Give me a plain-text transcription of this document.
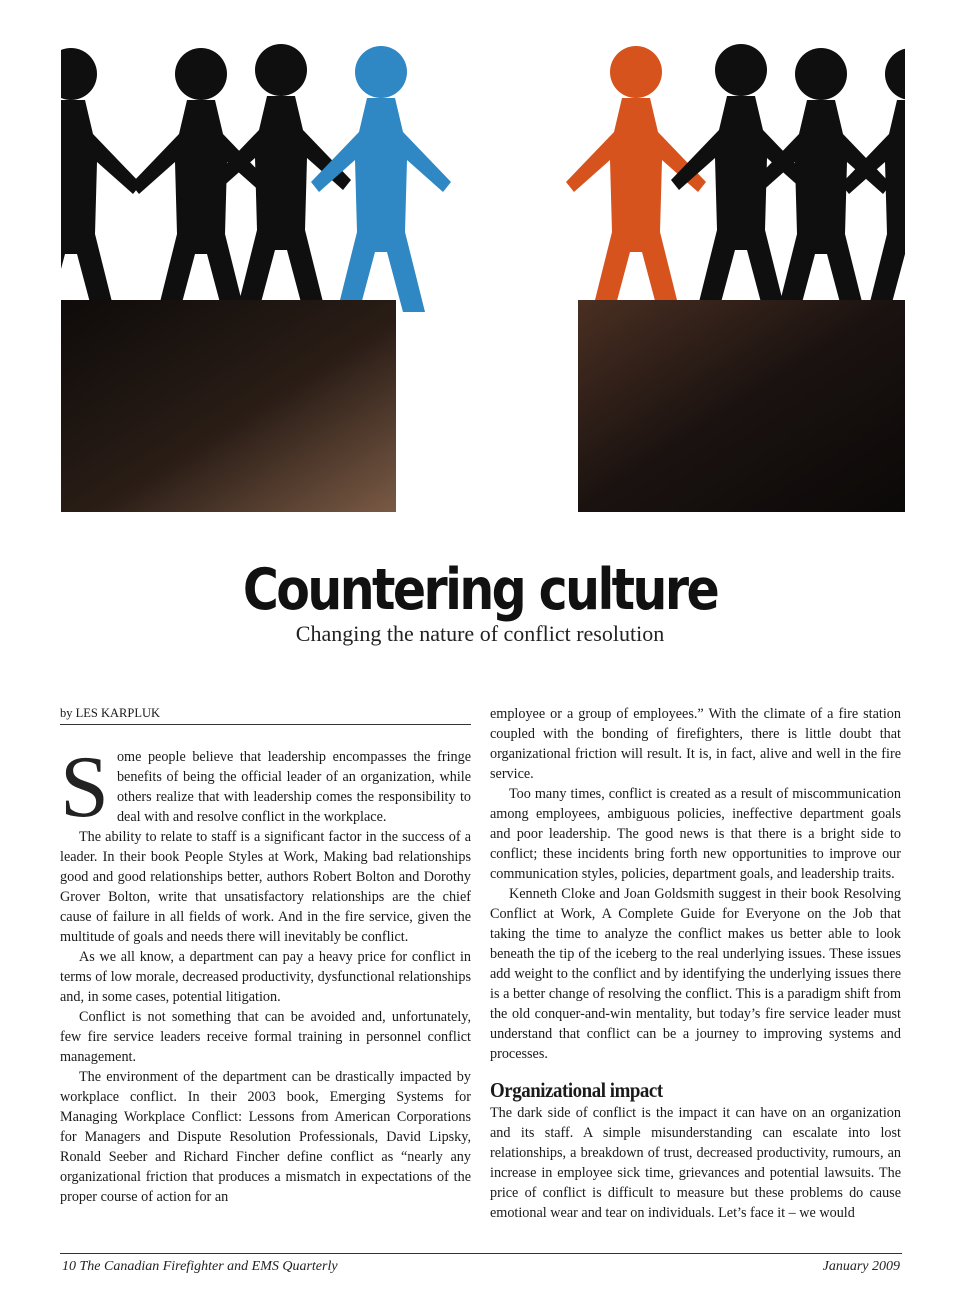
Countering culture
Changing the nature of conflict resolution
by LES KARPLUK

Some people believe that leadership encompasses the fringe benefits of being the official leader of an organization, while others realize that with leadership comes the responsibility to deal with and resolve conflict in the workplace.

The ability to relate to staff is a significant factor in the success of a leader. In their book People Styles at Work, Making bad relationships good and good relationships better, authors Robert Bolton and Dorothy Grover Bolton, write that unsatisfactory relationships are the chief cause of failure in all fields of work. And in the fire service, given the multitude of goals and needs there will inevitably be conflict.

As we all know, a department can pay a heavy price for conflict in terms of low morale, decreased productivity, dysfunctional relationships and, in some cases, potential litigation.

Conflict is not something that can be avoided and, unfortunately, few fire service leaders receive formal training in personnel conflict management.

The environment of the department can be drastically impacted by workplace conflict. In their 2003 book, Emerging Systems for Managing Workplace Conflict: Lessons from American Corporations for Managers and Dispute Resolution Professionals, David Lipsky, Ronald Seeber and Richard Fincher define conflict as “nearly any organizational friction that produces a mismatch in expectations of the proper course of action for an

employee or a group of employees.” With the climate of a fire station coupled with the bonding of firefighters, there is little doubt that organizational friction will result. It is, in fact, alive and well in the fire service.

Too many times, conflict is created as a result of miscommunication among employees, ambiguous policies, ineffective department goals and poor leadership. The good news is that there is a bright side to conflict; these incidents bring forth new opportunities to improve our communication styles, policies, department goals, and leadership traits.

Kenneth Cloke and Joan Goldsmith suggest in their book Resolving Conflict at Work, A Complete Guide for Everyone on the Job that taking the time to analyze the conflict makes us better able to look beneath the tip of the iceberg to the real underlying issues. These issues add weight to the conflict and by identifying the underlying issues there is a better change of resolving the conflict. This is a paradigm shift from the old conquer-and-win mentality, but today’s fire service leader must understand that conflict can be a journey to improving systems and processes.

Organizational impact

The dark side of conflict is the impact it can have on an organization and its staff. A simple misunderstanding can escalate into lost relationships, a breakdown of trust, decreased productivity, rumours, an increase in employee sick time, grievances and potential lawsuits. The price of conflict is difficult to measure but these problems do cause emotional wear and tear on individuals. Let’s face it – we would

10 The Canadian Firefighter and EMS Quarterly	January 2009
